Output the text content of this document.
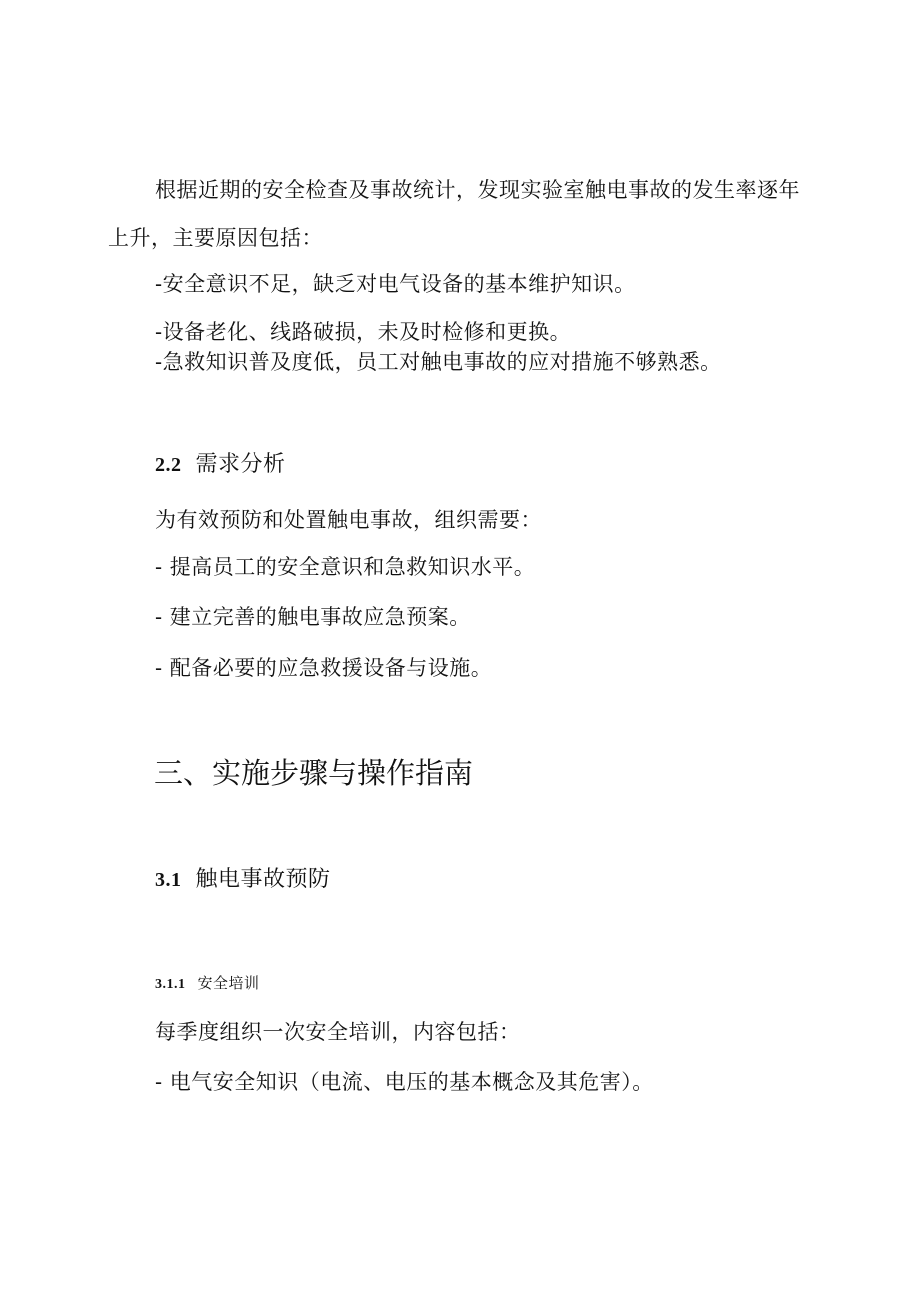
根据近期的安全检查及事故统计，发现实验室触电事故的发生率逐年
上升，主要原因包括：
-安全意识不足，缺乏对电气设备的基本维护知识。
-设备老化、线路破损，未及时检修和更换。
-急救知识普及度低，员工对触电事故的应对措施不够熟悉。
2.2 需求分析
为有效预防和处置触电事故，组织需要：
- 提高员工的安全意识和急救知识水平。
- 建立完善的触电事故应急预案。
- 配备必要的应急救援设备与设施。
三、实施步骤与操作指南
3.1 触电事故预防
3.1.1 安全培训
每季度组织一次安全培训，内容包括：
- 电气安全知识（电流、电压的基本概念及其危害）。
